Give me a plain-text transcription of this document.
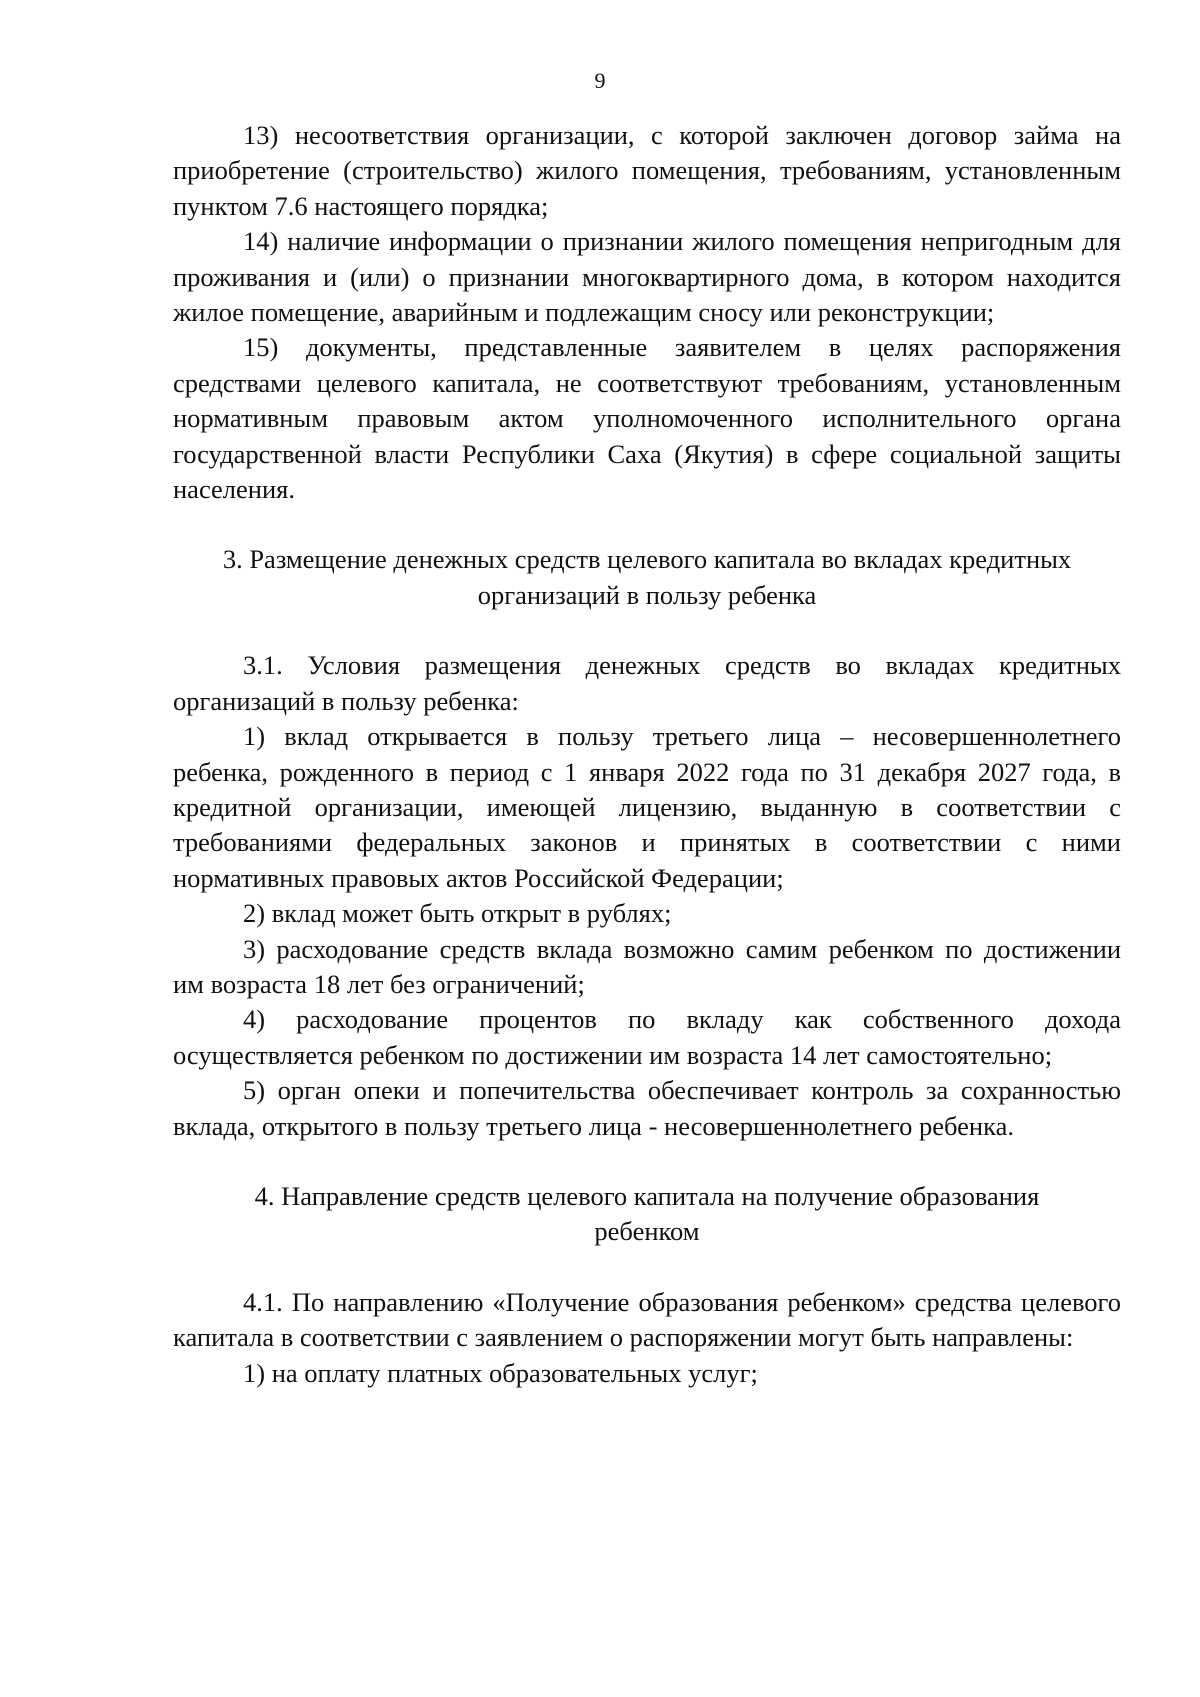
9

13) несоответствия организации, с которой заключен договор займа на приобретение (строительство) жилого помещения, требованиям, установленным пунктом 7.6 настоящего порядка;

14) наличие информации о признании жилого помещения непригодным для проживания и (или) о признании многоквартирного дома, в котором находится жилое помещение, аварийным и подлежащим сносу или реконструкции;

15) документы, представленные заявителем в целях распоряжения средствами целевого капитала, не соответствуют требованиям, установленным нормативным правовым актом уполномоченного исполнительного органа государственной власти Республики Саха (Якутия) в сфере социальной защиты населения.

3. Размещение денежных средств целевого капитала во вкладах кредитных
организаций в пользу ребенка

3.1. Условия размещения денежных средств во вкладах кредитных организаций в пользу ребенка:

1) вклад открывается в пользу третьего лица – несовершеннолетнего ребенка, рожденного в период с 1 января 2022 года по 31 декабря 2027 года, в кредитной организации, имеющей лицензию, выданную в соответствии с требованиями федеральных законов и принятых в соответствии с ними нормативных правовых актов Российской Федерации;

2) вклад может быть открыт в рублях;

3) расходование средств вклада возможно самим ребенком по достижении им возраста 18 лет без ограничений;

4) расходование процентов по вкладу как собственного дохода осуществляется ребенком по достижении им возраста 14 лет самостоятельно;

5) орган опеки и попечительства обеспечивает контроль за сохранностью вклада, открытого в пользу третьего лица - несовершеннолетнего ребенка.

4. Направление средств целевого капитала на получение образования
ребенком

4.1. По направлению «Получение образования ребенком» средства целевого капитала в соответствии с заявлением о распоряжении могут быть направлены:

1) на оплату платных образовательных услуг;
